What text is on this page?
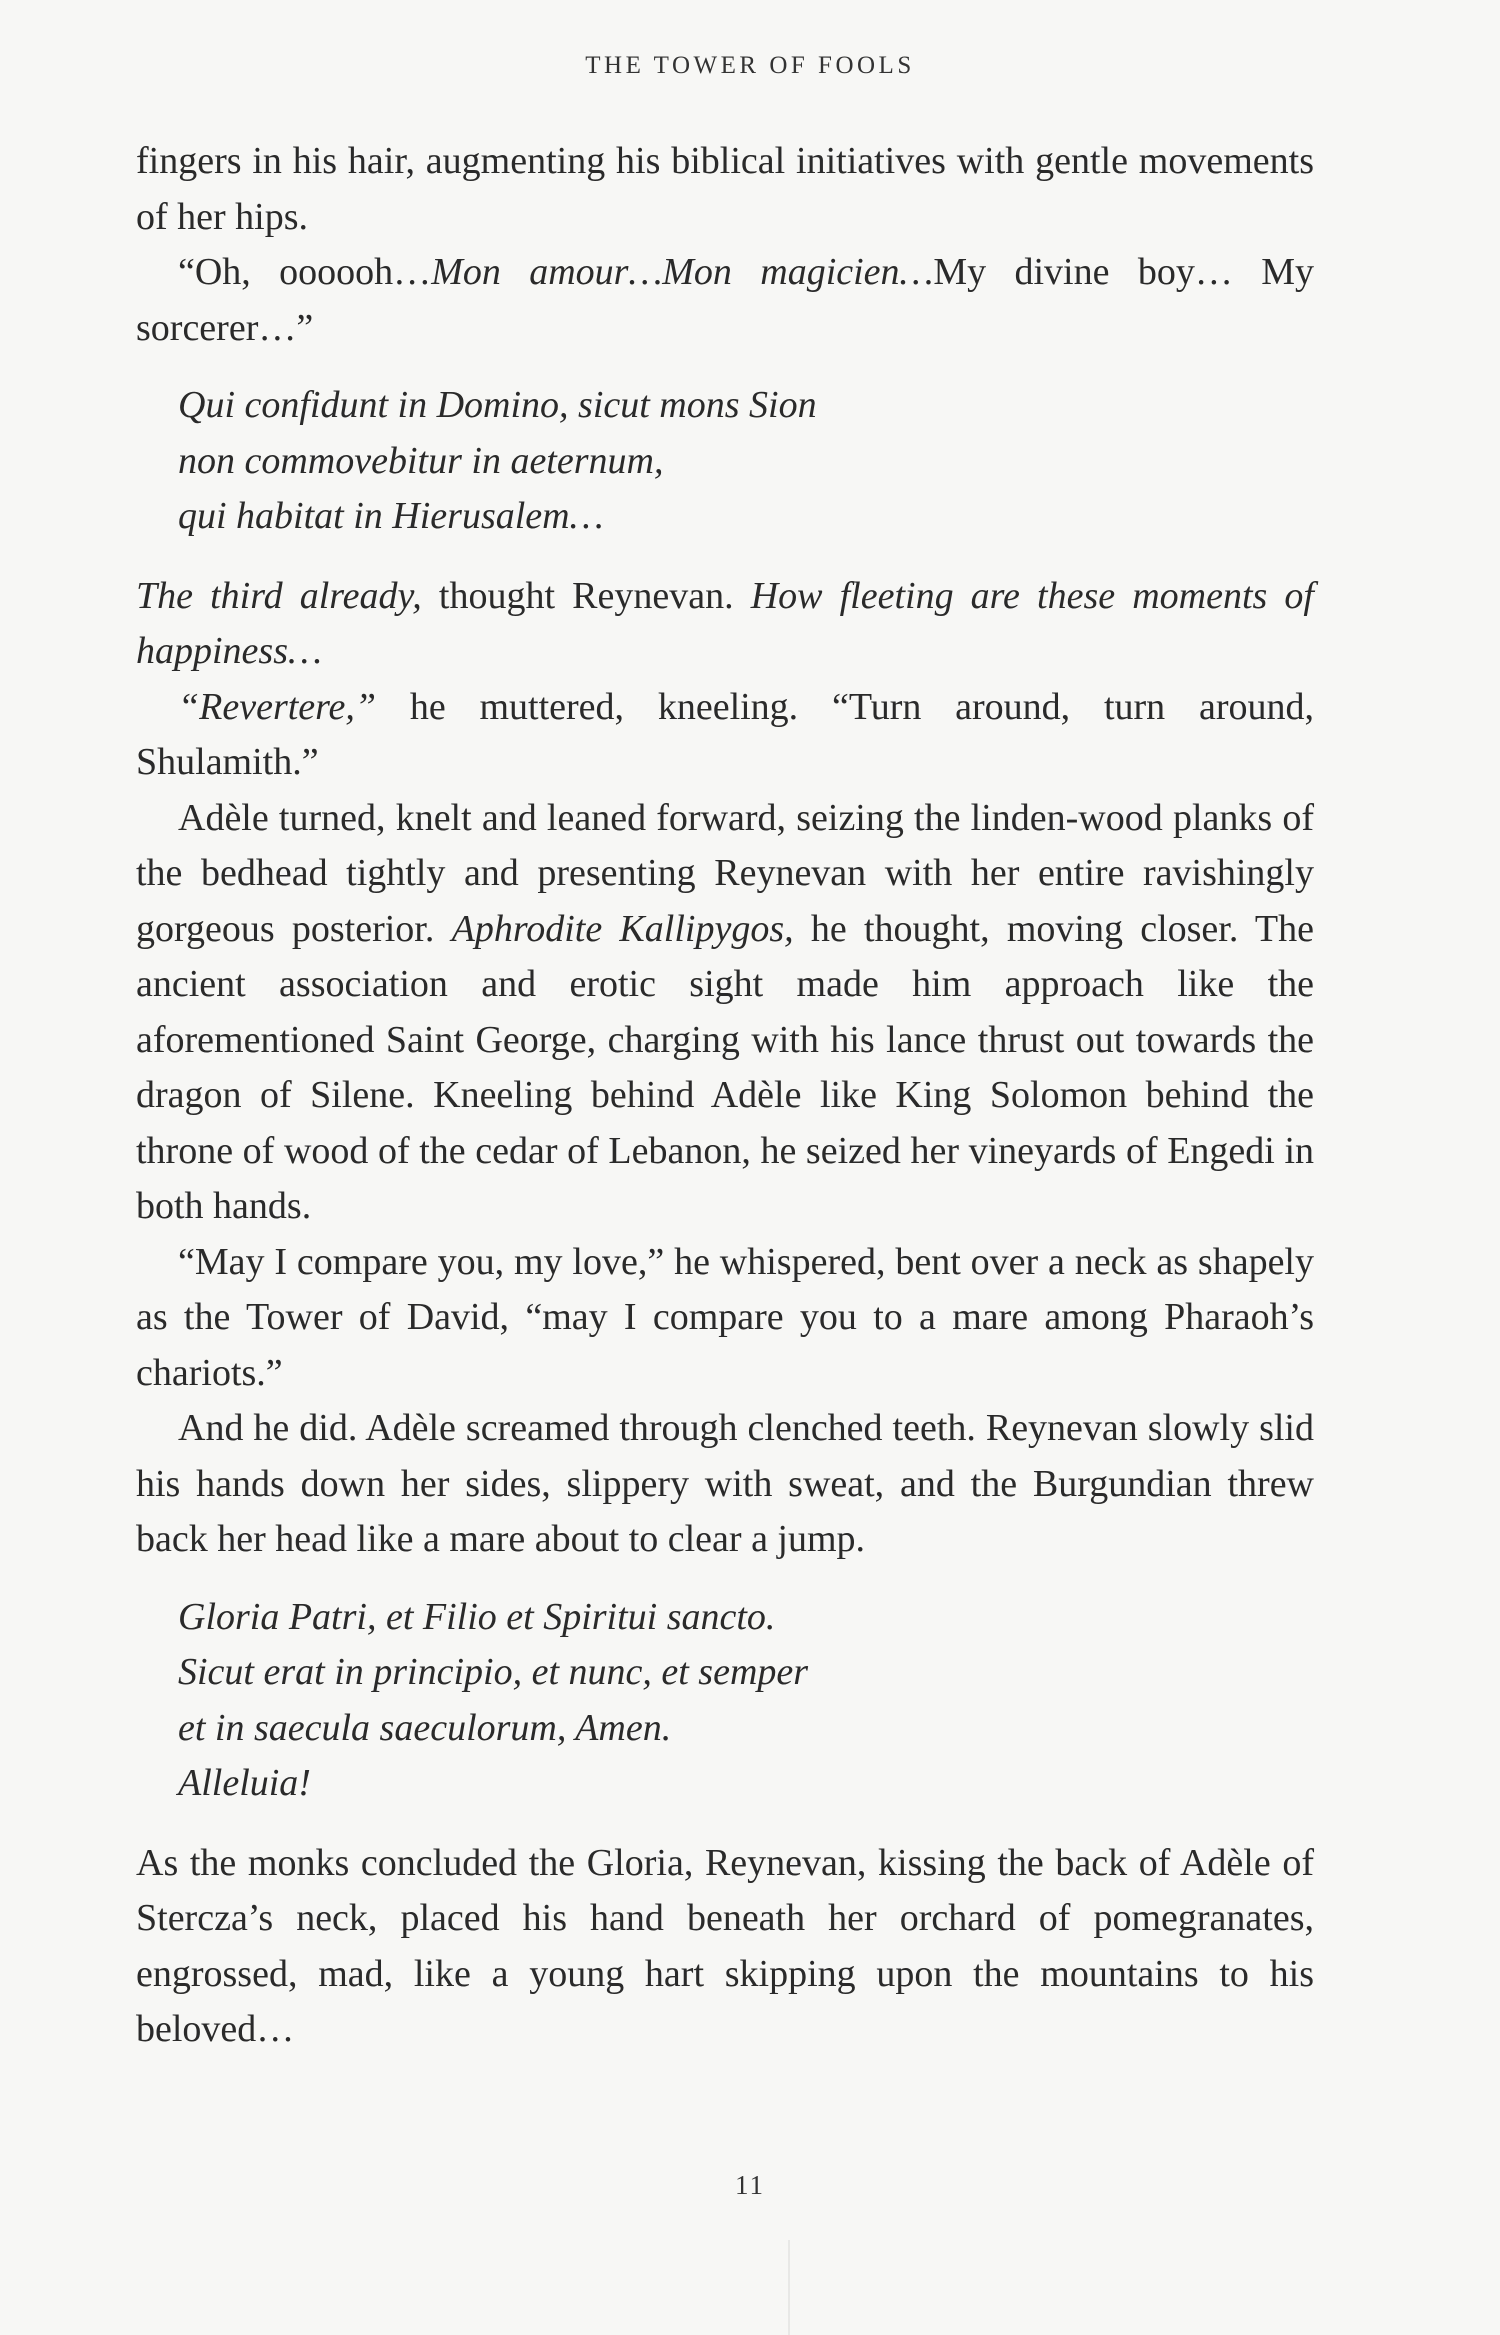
THE TOWER OF FOOLS

fingers in his hair, augmenting his biblical initiatives with gentle movements of her hips.

“Oh, oooooh…Mon amour…Mon magicien…My divine boy… My sorcerer…”

Qui confidunt in Domino, sicut mons Sion
non commovebitur in aeternum,
qui habitat in Hierusalem…

The third already, thought Reynevan. How fleeting are these moments of happiness…

“Revertere,” he muttered, kneeling. “Turn around, turn around, Shulamith.”

Adèle turned, knelt and leaned forward, seizing the linden-wood planks of the bedhead tightly and presenting Reynevan with her entire ravishingly gorgeous posterior. Aphrodite Kallipygos, he thought, moving closer. The ancient association and erotic sight made him approach like the aforementioned Saint George, charging with his lance thrust out towards the dragon of Silene. Kneeling behind Adèle like King Solomon behind the throne of wood of the cedar of Lebanon, he seized her vineyards of Engedi in both hands.

“May I compare you, my love,” he whispered, bent over a neck as shapely as the Tower of David, “may I compare you to a mare among Pharaoh’s chariots.”

And he did. Adèle screamed through clenched teeth. Reynevan slowly slid his hands down her sides, slippery with sweat, and the Burgundian threw back her head like a mare about to clear a jump.

Gloria Patri, et Filio et Spiritui sancto.
Sicut erat in principio, et nunc, et semper
et in saecula saeculorum, Amen.
Alleluia!

As the monks concluded the Gloria, Reynevan, kissing the back of Adèle of Stercza’s neck, placed his hand beneath her orchard of pomegranates, engrossed, mad, like a young hart skipping upon the mountains to his beloved…

11
